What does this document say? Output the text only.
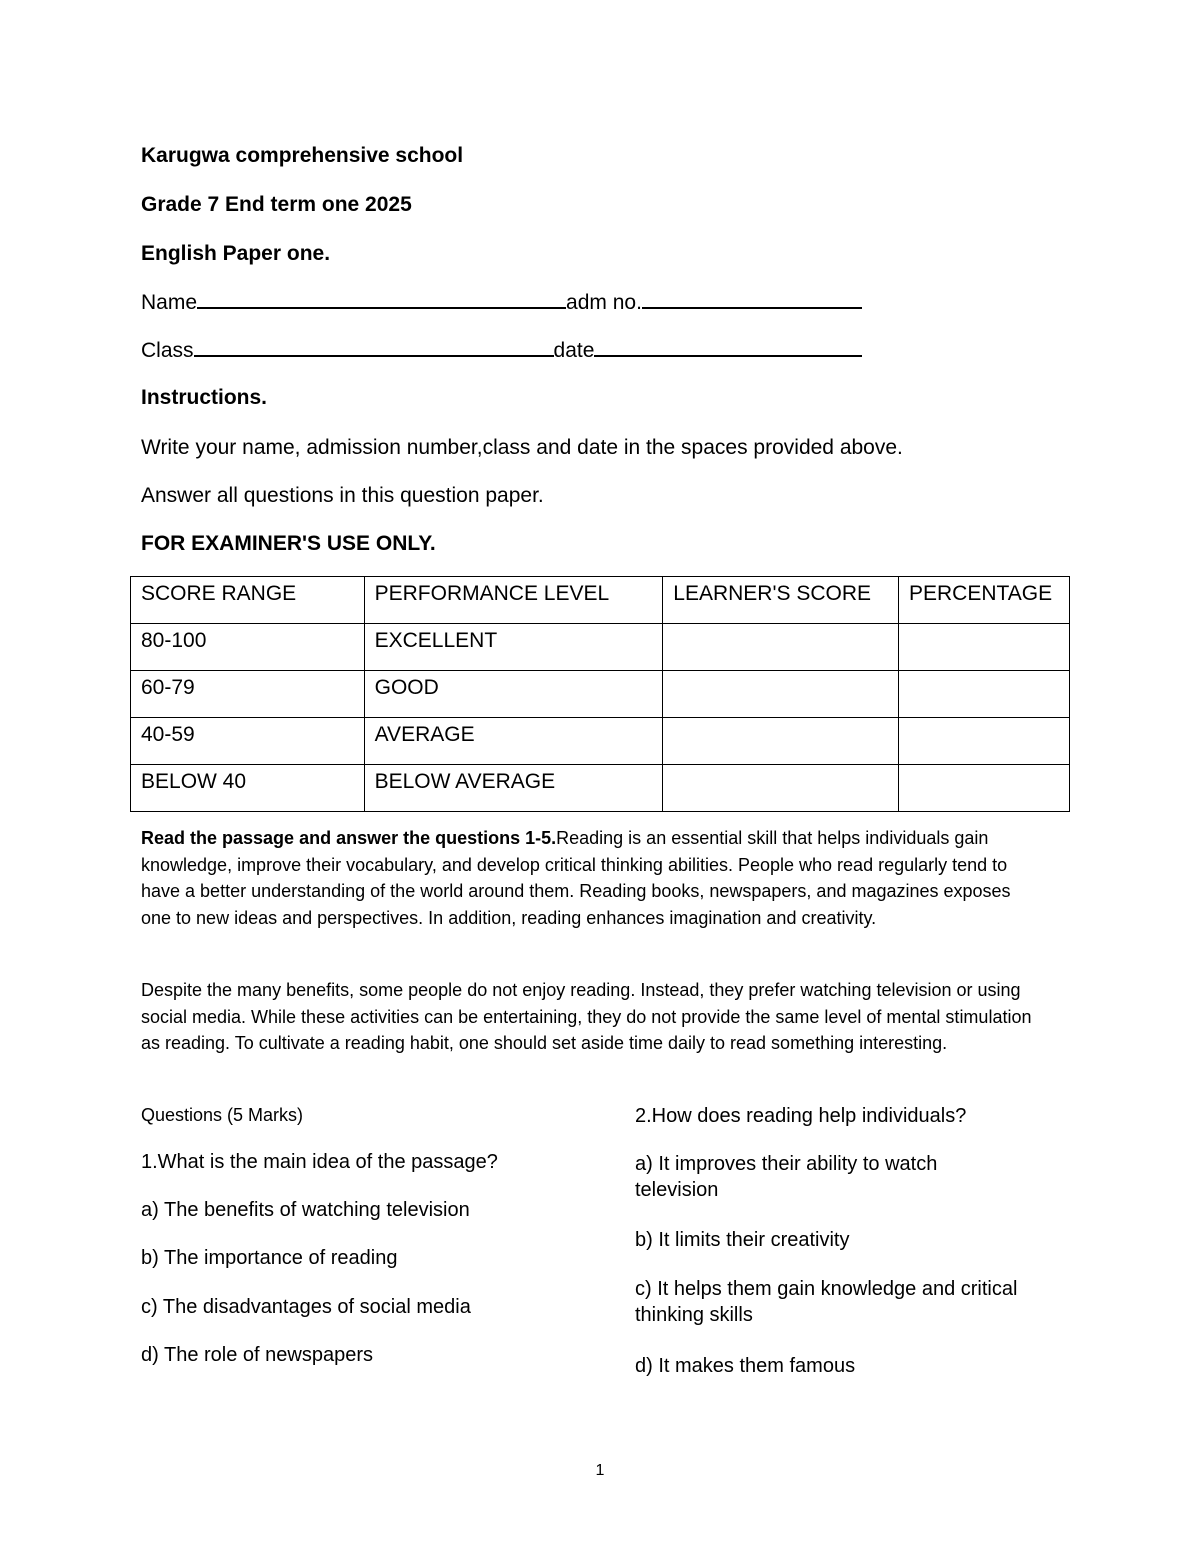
Karugwa comprehensive school
Grade 7 End term one 2025
English Paper one.
Name	adm no.
Class	date
Instructions.
Write your name, admission number,class and date in the spaces provided above.
Answer all questions in this question paper.
FOR EXAMINER'S USE ONLY.
SCORE RANGE	PERFORMANCE LEVEL	LEARNER'S SCORE	PERCENTAGE
80-100	EXCELLENT		
60-79	GOOD		
40-59	AVERAGE		
BELOW 40	BELOW AVERAGE		
Read the passage and answer the questions 1-5.Reading is an essential skill that helps individuals gain knowledge, improve their vocabulary, and develop critical thinking abilities. People who read regularly tend to have a better understanding of the world around them. Reading books, newspapers, and magazines exposes one to new ideas and perspectives. In addition, reading enhances imagination and creativity.
Despite the many benefits, some people do not enjoy reading. Instead, they prefer watching television or using social media. While these activities can be entertaining, they do not provide the same level of mental stimulation as reading. To cultivate a reading habit, one should set aside time daily to read something interesting.

Questions (5 Marks)

1.What is the main idea of the passage?

a) The benefits of watching television

b) The importance of reading

c) The disadvantages of social media

d) The role of newspapers

2.How does reading help individuals?

a) It improves their ability to watch television

b) It limits their creativity

c) It helps them gain knowledge and critical thinking skills

d) It makes them famous

1
